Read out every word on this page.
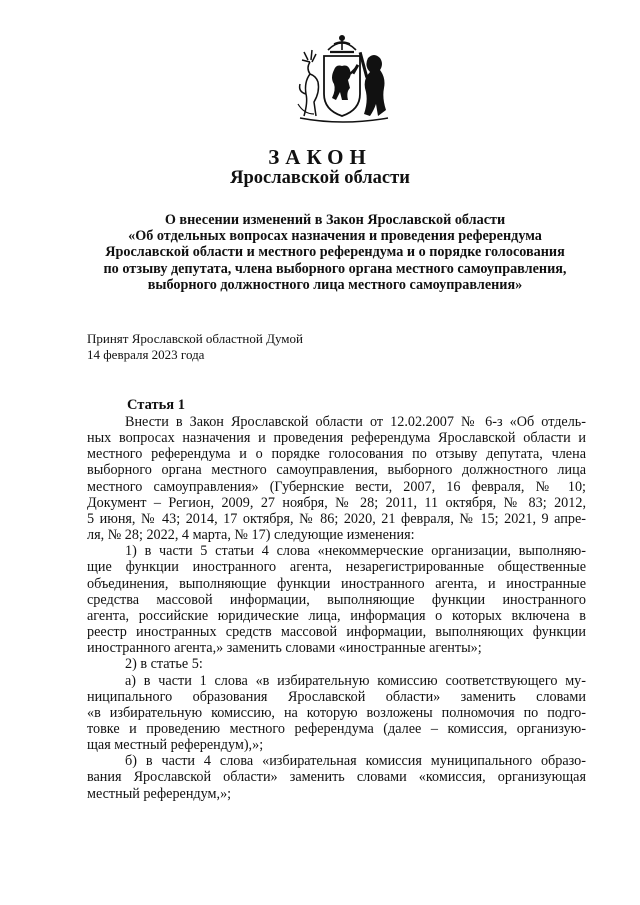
ЗАКОН
Ярославской области
О внесении изменений в Закон Ярославской области
«Об отдельных вопросах назначения и проведения референдума
Ярославской области и местного референдума и о порядке голосования
по отзыву депутата, члена выборного органа местного самоуправления,
выборного должностного лица местного самоуправления»
Принят Ярославской областной Думой
14 февраля 2023 года
Статья 1
Внести в Закон Ярославской области от 12.02.2007 № 6-з «Об отдель-
ных вопросах назначения и проведения референдума Ярославской области и
местного референдума и о порядке голосования по отзыву депутата, члена
выборного органа местного самоуправления, выборного должностного лица
местного самоуправления» (Губернские вести, 2007, 16 февраля, № 10;
Документ – Регион, 2009, 27 ноября, № 28; 2011, 11 октября, № 83; 2012,
5 июня, № 43; 2014, 17 октября, № 86; 2020, 21 февраля, № 15; 2021, 9 апре-
ля, № 28; 2022, 4 марта, № 17) следующие изменения:
1) в части 5 статьи 4 слова «некоммерческие организации, выполняю-
щие функции иностранного агента, незарегистрированные общественные
объединения, выполняющие функции иностранного агента, и иностранные
средства массовой информации, выполняющие функции иностранного
агента, российские юридические лица, информация о которых включена в
реестр иностранных средств массовой информации, выполняющих функции
иностранного агента,» заменить словами «иностранные агенты»;
2) в статье 5:
а) в части 1 слова «в избирательную комиссию соответствующего му-
ниципального образования Ярославской области» заменить словами
«в избирательную комиссию, на которую возложены полномочия по подго-
товке и проведению местного референдума (далее – комиссия, организую-
щая местный референдум),»;
б) в части 4 слова «избирательная комиссия муниципального образо-
вания Ярославской области» заменить словами «комиссия, организующая
местный референдум,»;
